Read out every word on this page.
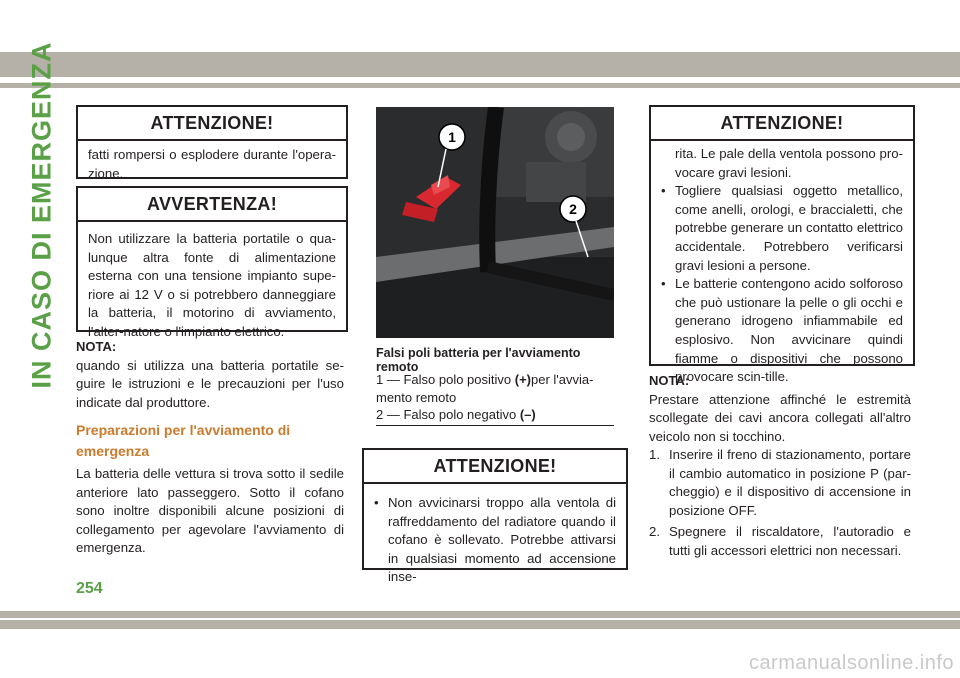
IN CASO DI EMERGENZA	ATTENZIONE!
fatti rompersi o esplodere durante l'opera-zione.
AVVERTENZA!
Non utilizzare la batteria portatile o qua-lunque altra fonte di alimentazione esterna con una tensione impianto supe-riore ai 12 V o si potrebbero danneggiare la batteria, il motorino di avviamento, l'alter-natore o l'impianto elettrico.
NOTA:
quando si utilizza una batteria portatile se-guire le istruzioni e le precauzioni per l'uso indicate dal produttore.
Preparazioni per l'avviamento di emergenza
La batteria delle vettura si trova sotto il sedile anteriore lato passeggero. Sotto il cofano sono inoltre disponibili alcune posizioni di collegamento per agevolare l'avviamento di emergenza.
1
2
Falsi poli batteria per l'avviamento remoto
1 — Falso polo positivo (+)per l'avvia-mento remoto
2 — Falso polo negativo (–)
ATTENZIONE!
• Non avvicinarsi troppo alla ventola di raffreddamento del radiatore quando il cofano è sollevato. Potrebbe attivarsi in qualsiasi momento ad accensione inse-
ATTENZIONE!
rita. Le pale della ventola possono pro-vocare gravi lesioni.
• Togliere qualsiasi oggetto metallico, come anelli, orologi, e braccialetti, che potrebbe generare un contatto elettrico accidentale. Potrebbero verificarsi gravi lesioni a persone.
• Le batterie contengono acido solforoso che può ustionare la pelle o gli occhi e generano idrogeno infiammabile ed esplosivo. Non avvicinare quindi fiamme o dispositivi che possono provocare scin-tille.
NOTA:
Prestare attenzione affinché le estremità scollegate dei cavi ancora collegati all'altro veicolo non si tocchino.
1. Inserire il freno di stazionamento, portare il cambio automatico in posizione P (par-cheggio) e il dispositivo di accensione in posizione OFF.
2. Spegnere il riscaldatore, l'autoradio e tutti gli accessori elettrici non necessari.
254
carmanualsonline.info
